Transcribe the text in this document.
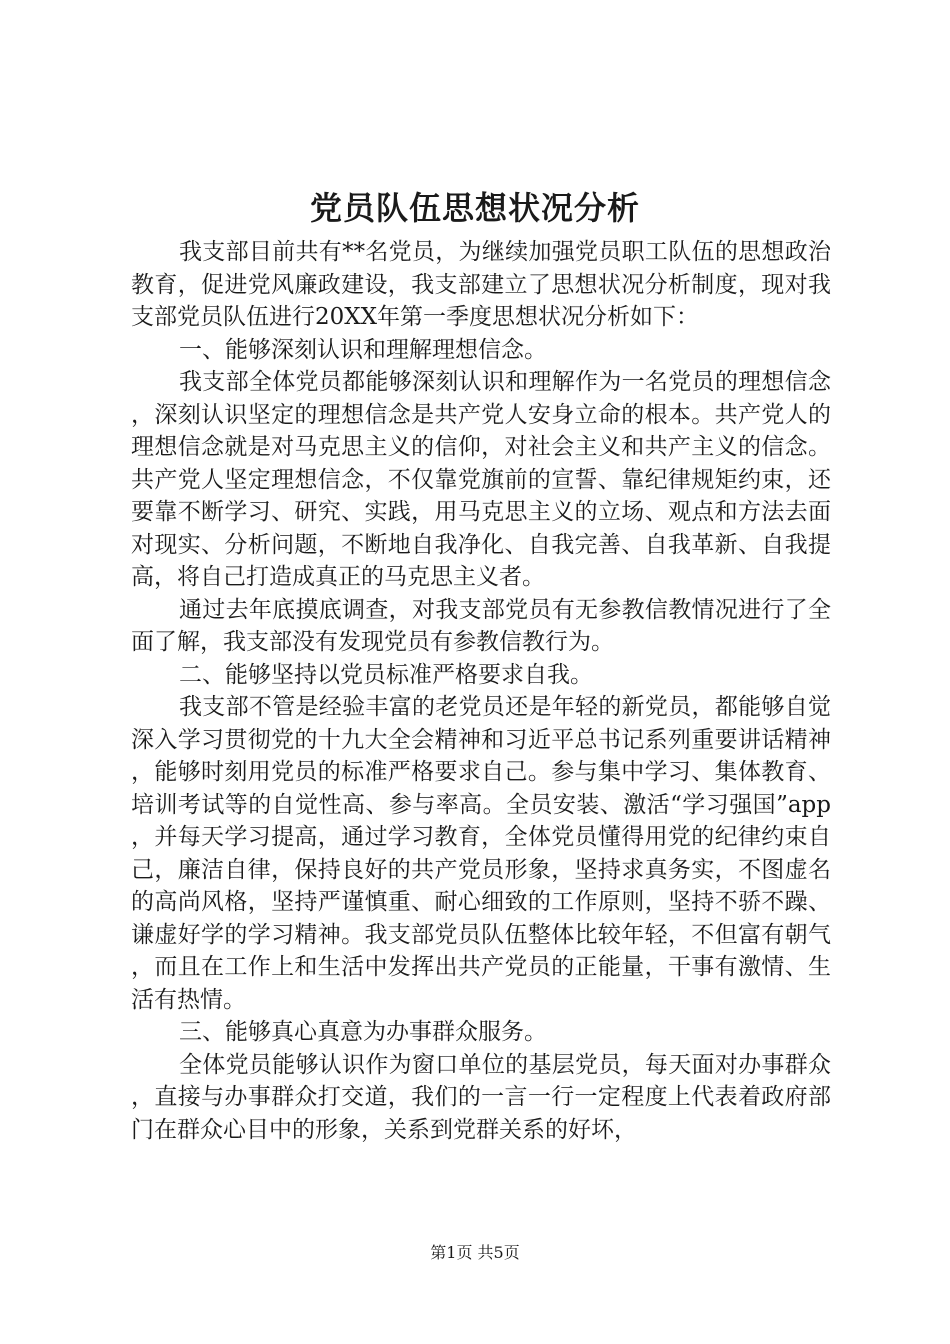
党员队伍思想状况分析

我支部目前共有**名党员，为继续加强党员职工队伍的思想政治教育，促进党风廉政建设，我支部建立了思想状况分析制度，现对我支部党员队伍进行20XX年第一季度思想状况分析如下：

一、能够深刻认识和理解理想信念。

我支部全体党员都能够深刻认识和理解作为一名党员的理想信念，深刻认识坚定的理想信念是共产党人安身立命的根本。共产党人的理想信念就是对马克思主义的信仰，对社会主义和共产主义的信念。共产党人坚定理想信念，不仅靠党旗前的宣誓、靠纪律规矩约束，还要靠不断学习、研究、实践，用马克思主义的立场、观点和方法去面对现实、分析问题，不断地自我净化、自我完善、自我革新、自我提高，将自己打造成真正的马克思主义者。

通过去年底摸底调查，对我支部党员有无参教信教情况进行了全面了解，我支部没有发现党员有参教信教行为。

二、能够坚持以党员标准严格要求自我。

我支部不管是经验丰富的老党员还是年轻的新党员，都能够自觉深入学习贯彻党的十九大全会精神和习近平总书记系列重要讲话精神，能够时刻用党员的标准严格要求自己。参与集中学习、集体教育、培训考试等的自觉性高、参与率高。全员安装、激活“学习强国”app，并每天学习提高，通过学习教育，全体党员懂得用党的纪律约束自己，廉洁自律，保持良好的共产党员形象，坚持求真务实，不图虚名的高尚风格，坚持严谨慎重、耐心细致的工作原则，坚持不骄不躁、谦虚好学的学习精神。我支部党员队伍整体比较年轻，不但富有朝气，而且在工作上和生活中发挥出共产党员的正能量，干事有激情、生活有热情。

三、能够真心真意为办事群众服务。

全体党员能够认识作为窗口单位的基层党员，每天面对办事群众，直接与办事群众打交道，我们的一言一行一定程度上代表着政府部门在群众心目中的形象，关系到党群关系的好坏，

第1页 共5页
